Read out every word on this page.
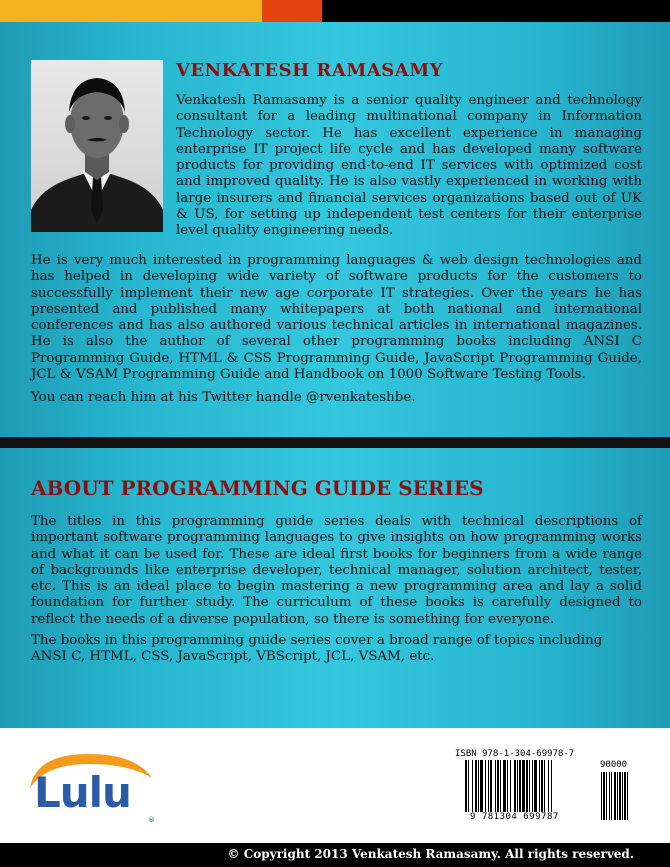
VENKATESH RAMASAMY

Venkatesh Ramasamy is a senior quality engineer and technology consultant for a leading multinational company in Information Technology sector. He has excellent experience in managing enterprise IT project life cycle and has developed many software products for providing end-to-end IT services with optimized cost and improved quality. He is also vastly experienced in working with large insurers and financial services organizations based out of UK & US, for setting up independent test centers for their enterprise level quality engineering needs.

He is very much interested in programming languages & web design technologies and has helped in developing wide variety of software products for the customers to successfully implement their new age corporate IT strategies. Over the years he has presented and published many whitepapers at both national and international conferences and has also authored various technical articles in international magazines. He is also the author of several other programming books including ANSI C Programming Guide, HTML & CSS Programming Guide, JavaScript Programming Guide, JCL & VSAM Programming Guide and Handbook on 1000 Software Testing Tools.

You can reach him at his Twitter handle @rvenkateshbe.

ABOUT PROGRAMMING GUIDE SERIES

The titles in this programming guide series deals with technical descriptions of important software programming languages to give insights on how programming works and what it can be used for. These are ideal first books for beginners from a wide range of backgrounds like enterprise developer, technical manager, solution architect, tester, etc. This is an ideal place to begin mastering a new programming area and lay a solid foundation for further study. The curriculum of these books is carefully designed to reflect the needs of a diverse population, so there is something for everyone.

The books in this programming guide series cover a broad range of topics including ANSI C, HTML, CSS, JavaScript, VBScript, JCL, VSAM, etc.

®
Lulu
ISBN 978-1-304-69978-7
90000
9 781304 699787
© Copyright 2013 Venkatesh Ramasamy. All rights reserved.
